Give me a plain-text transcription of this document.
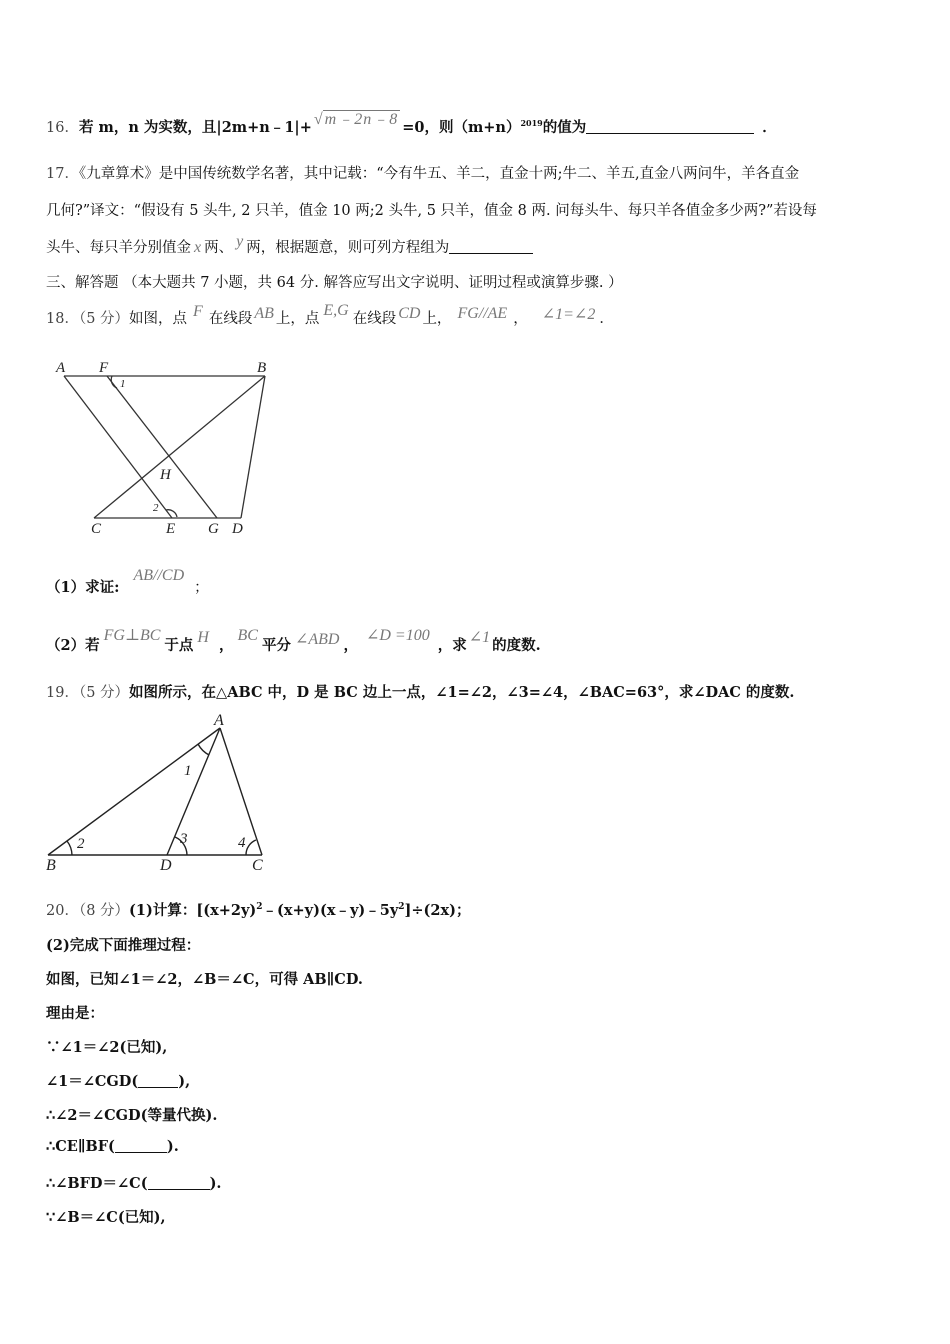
16．若 m，n 为实数，且|2m+n﹣1|+ √ m﹣2n﹣8 =0，则$(m+n)^{2019}$的值为	．
17．《九章算术》是中国传统数学名著，其中记载：“今有牛五、羊二，直金十两;牛二、羊五,直金八两问牛，羊各直金
几何?”译文：“假设有 5 头牛, 2 只羊，值金 10 两;2 头牛, 5 只羊，值金 8 两. 问每头牛、每只羊各值金多少两?”若设每
头牛、每只羊分别值金 x 两、 y 两，根据题意，则可列方程组为
三、解答题 （本大题共 7 小题，共 64 分. 解答应写出文字说明、证明过程或演算步骤. ）
18．（5 分）如图，点 F 在线段 AB 上，点 E,G 在线段 CD 上， FG//AE ， ∠1=∠2 ．
A F	B
H
C	E G D
1
2
（1）求证:AB//CD；
（2）若FG⊥BC于点 H ，BC平分 ∠ABD ，∠D =100，求 ∠1 的度数.
19．（5 分）如图所示，在△ABC 中，D 是 BC 边上一点，∠1=∠2，∠3=∠4，∠BAC=63°，求∠DAC 的度数.
A
B	D	C
1
2	3	4
20．（8 分）(1)计算：$[(x+2y)^2﹣(x+y)(x﹣y)﹣5y^2]\div(2x)$；
(2)完成下面推理过程：
如图，已知∠1＝∠2，∠B＝∠C，可得 AB∥CD.
理由是：
∵∠1＝∠2(已知),
∠1＝∠CGD(	),
∴∠2＝∠CGD(等量代换).
∴CE∥BF(	).
∴∠BFD＝∠C(	).
∵∠B＝∠C(已知),
